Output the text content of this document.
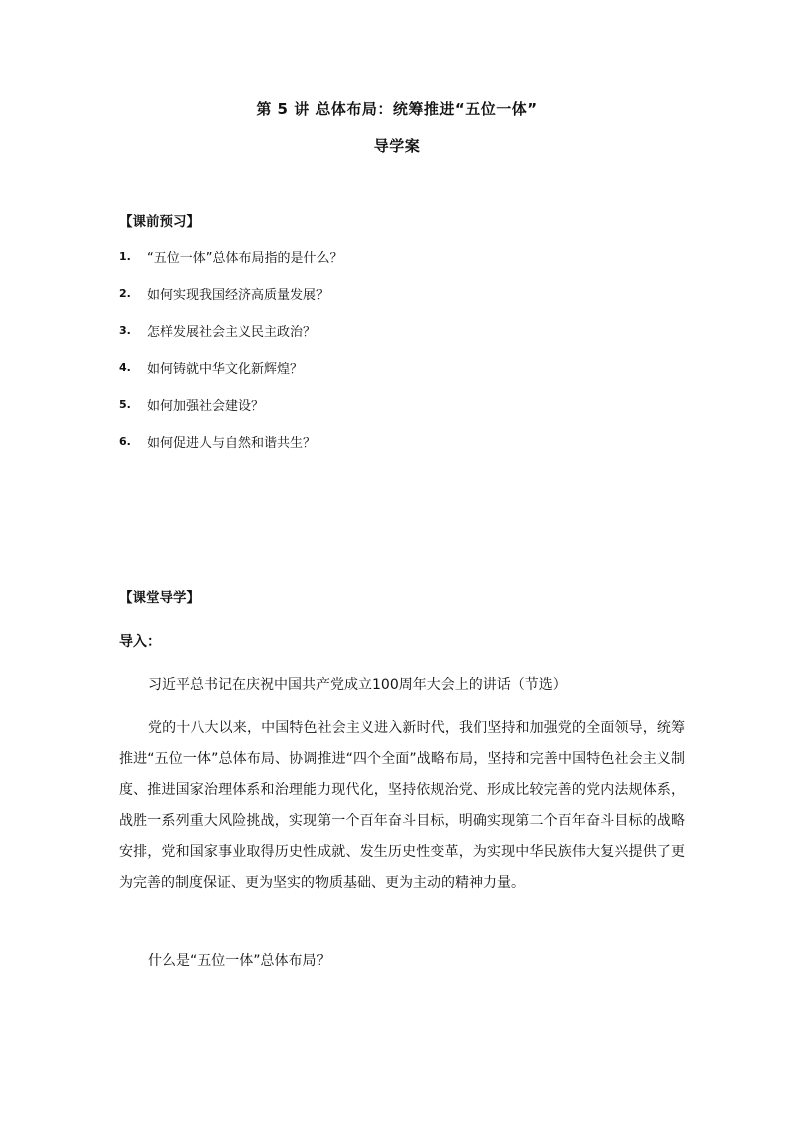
第 5 讲 总体布局：统筹推进“五位一体”
导学案
【课前预习】
1.	“五位一体”总体布局指的是什么？
2.	如何实现我国经济高质量发展？
3.	怎样发展社会主义民主政治？
4.	如何铸就中华文化新辉煌？
5.	如何加强社会建设？
6.	如何促进人与自然和谐共生？
【课堂导学】
导入：
习近平总书记在庆祝中国共产党成立100周年大会上的讲话（节选）

党的十八大以来，中国特色社会主义进入新时代，我们坚持和加强党的全面领导，统筹推进“五位一体”总体布局、协调推进“四个全面”战略布局，坚持和完善中国特色社会主义制度、推进国家治理体系和治理能力现代化，坚持依规治党、形成比较完善的党内法规体系，战胜一系列重大风险挑战，实现第一个百年奋斗目标，明确实现第二个百年奋斗目标的战略安排，党和国家事业取得历史性成就、发生历史性变革，为实现中华民族伟大复兴提供了更为完善的制度保证、更为坚实的物质基础、更为主动的精神力量。

什么是“五位一体”总体布局？
